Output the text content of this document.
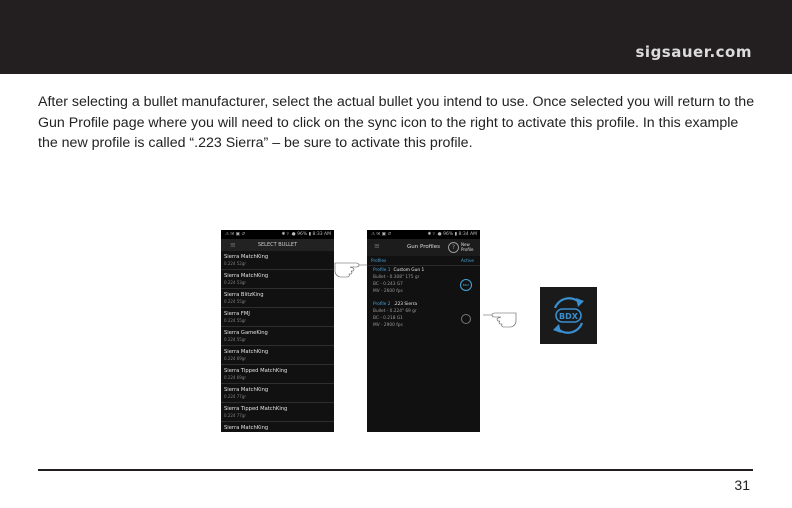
sigsauer.com

After selecting a bullet manufacturer, select the actual bullet you intend to use. Once selected you will return to the Gun Profile page where you will need to click on the sync icon to the right to activate this profile. In this example the new profile is called “.223 Sierra” – be sure to activate this profile.

⚠ ✉ ▣ ↺	✱ ▿ .● 96% ▮ 8:33 AM
≡	SELECT BULLET
Sierra MatchKing
0.224 52gr
Sierra MatchKing
0.224 53gr
Sierra BlitzKing
0.224 55gr
Sierra FMJ
0.224 55gr
Sierra GameKing
0.224 55gr
Sierra MatchKing
0.224 69gr
Sierra Tipped MatchKing
0.224 69gr
Sierra MatchKing
0.224 77gr
Sierra Tipped MatchKing
0.224 77gr
Sierra MatchKing
⚠ ✉ ▣ ↺	✱ ▿ .● 96% ▮ 8:34 AM
≡	Gun Profiles	?	New
Profile
Profiles	Active
Profile 1 Custom Gun 1
Bullet - 0.308" 175 gr
BC - 0.243 G7
MV - 2600 fps
BDX
Profile 2 .223 Sierra
Bullet - 0.224" 69 gr
BC - 0.218 G1
MV - 2900 fps
BDX
31
